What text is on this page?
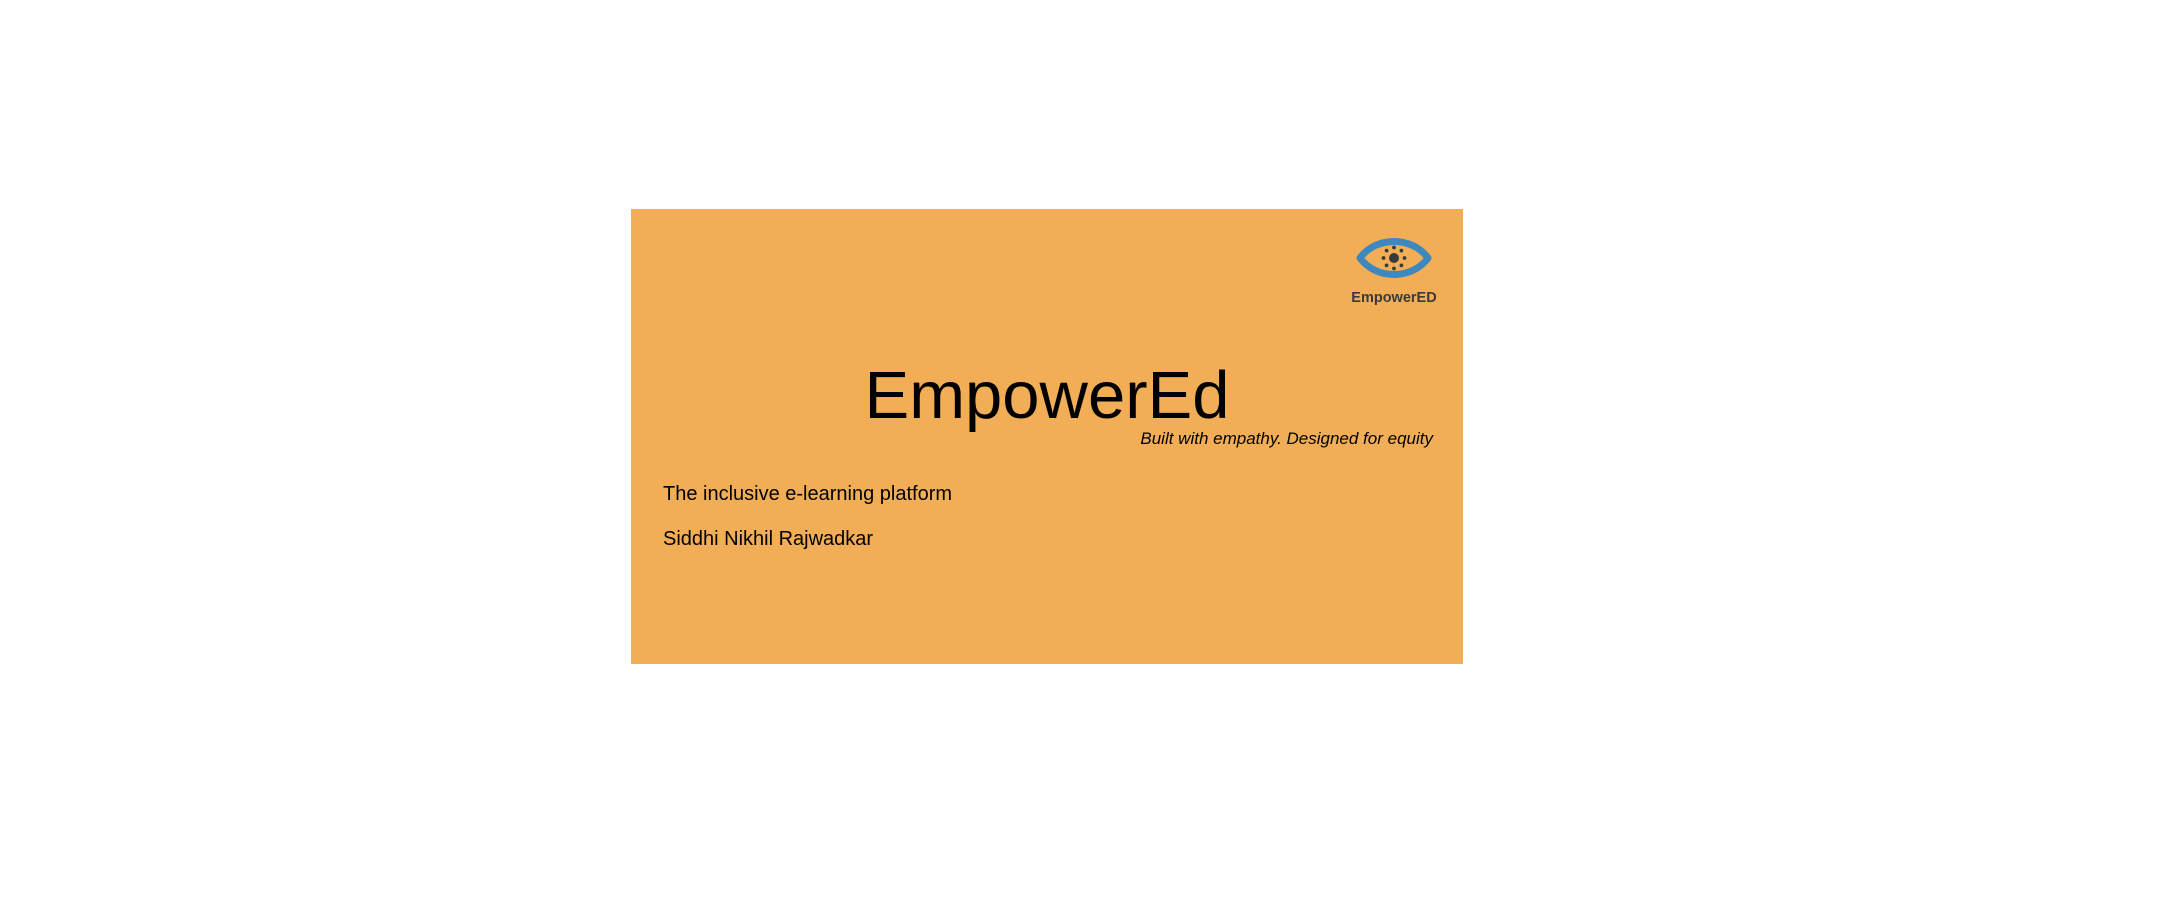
EmpowerED
EmpowerEd
Built with empathy. Designed for equity
The inclusive e-learning platform
Siddhi Nikhil Rajwadkar
